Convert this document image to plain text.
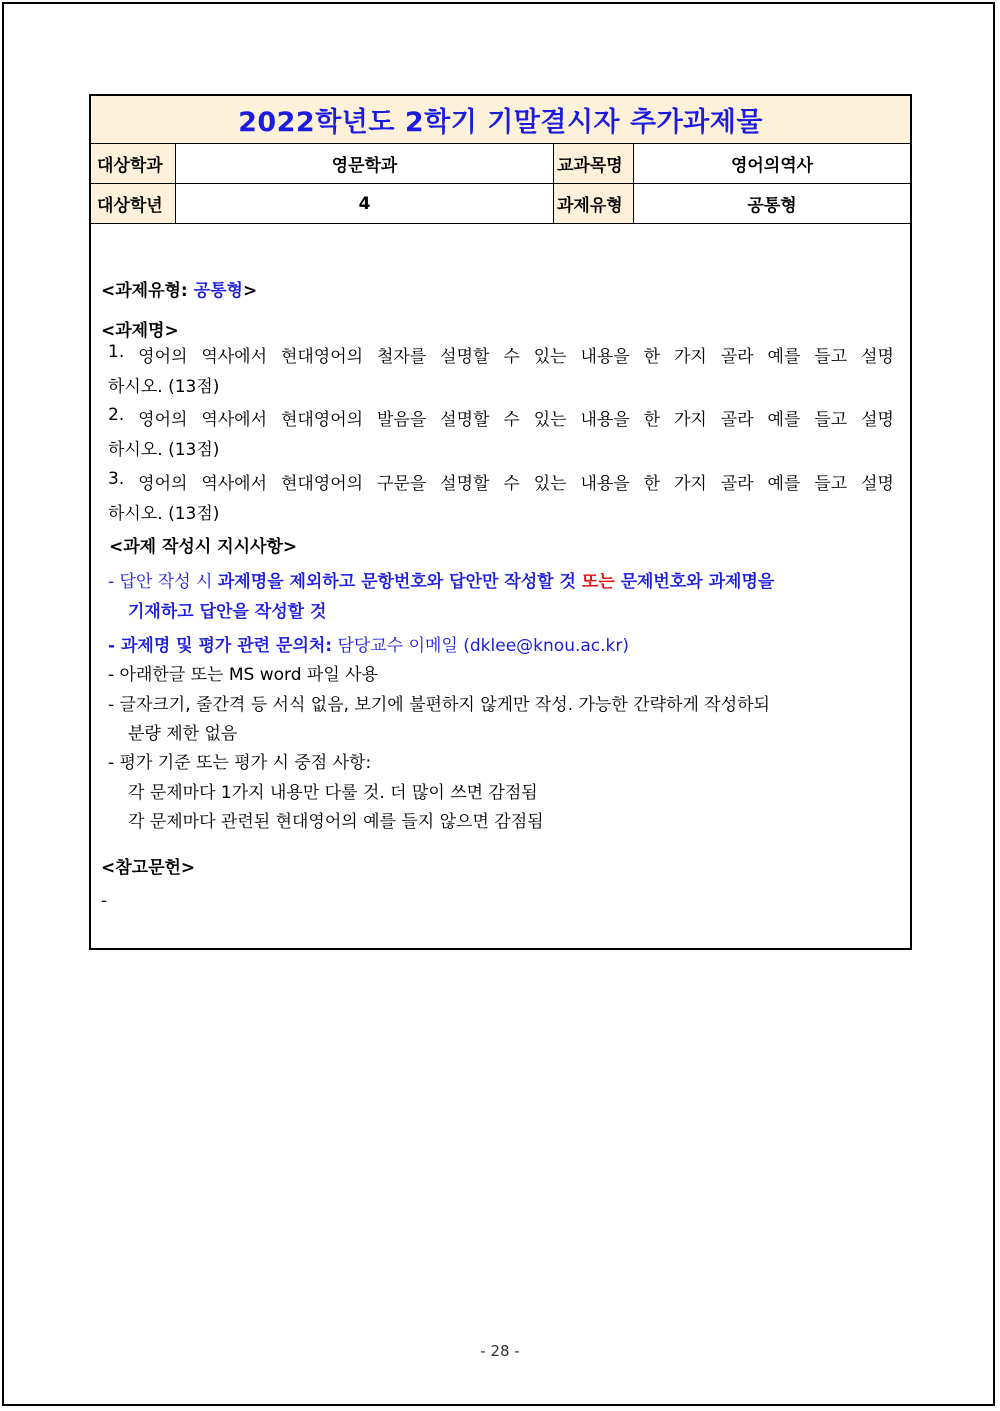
2022학년도 2학기 기말결시자 추가과제물
대상학과	영문학과	교과목명	영어의역사
대상학년	4	과제유형	공통형
<과제유형: 공통형>
<과제명>
1. 영어의 역사에서 현대영어의 철자를 설명할 수 있는 내용을 한 가지 골라 예를 들고 설명
하시오. (13점)
2. 영어의 역사에서 현대영어의 발음을 설명할 수 있는 내용을 한 가지 골라 예를 들고 설명
하시오. (13점)
3. 영어의 역사에서 현대영어의 구문을 설명할 수 있는 내용을 한 가지 골라 예를 들고 설명
하시오. (13점)
<과제 작성시 지시사항>
- 답안 작성 시 과제명을 제외하고 문항번호와 답안만 작성할 것 또는 문제번호와 과제명을
기재하고 답안을 작성할 것
- 과제명 및 평가 관련 문의처: 담당교수 이메일 (dklee@knou.ac.kr)
- 아래한글 또는 MS word 파일 사용
- 글자크기, 줄간격 등 서식 없음, 보기에 불편하지 않게만 작성. 가능한 간략하게 작성하되
분량 제한 없음
- 평가 기준 또는 평가 시 중점 사항:
각 문제마다 1가지 내용만 다룰 것. 더 많이 쓰면 감점됨
각 문제마다 관련된 현대영어의 예를 들지 않으면 감점됨
<참고문헌>
-
- 28 -
